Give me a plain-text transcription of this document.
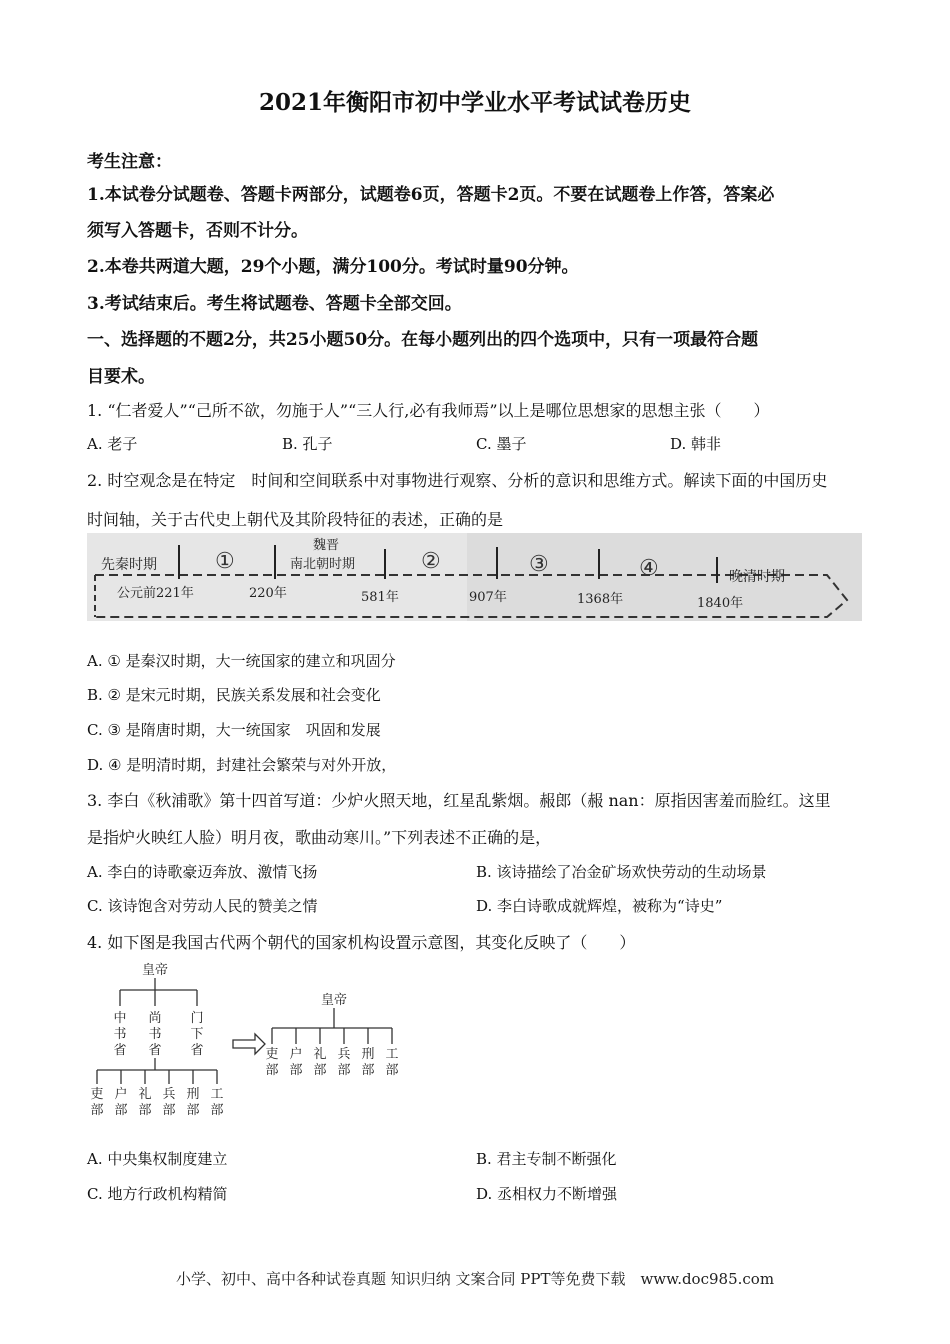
2021年衡阳市初中学业水平考试试卷历史
考生注意：
1.本试卷分试题卷、答题卡两部分，试题卷6页，答题卡2页。不要在试题卷上作答，答案必
须写入答题卡，否则不计分。
2.本卷共两道大题，29个小题，满分100分。考试时量90分钟。
3.考试结束后。考生将试题卷、答题卡全部交回。
一、选择题的不题2分，共25小题50分。在每小题列出的四个选项中，只有一项最符合题
目要术。
1. “仁者爱人”“己所不欲，勿施于人”“三人行,必有我师焉”以上是哪位思想家的思想主张（　　）
A. 老子	B. 孔子	C. 墨子	D. 韩非
2. 时空观念是在特定　时间和空间联系中对事物进行观察、分析的意识和思维方式。解读下面的中国历史
时间轴，关于古代史上朝代及其阶段特征的表述，正确的是
先秦时期
魏晋
南北朝时期
晚清时期
①	②	③	④
公元前221年	220年	581年	907年	1368年	1840年
A. ① 是秦汉时期，大一统国家的建立和巩固分
B. ② 是宋元时期，民族关系发展和社会变化
C. ③ 是隋唐时期，大一统国家　巩固和发展
D. ④ 是明清时期，封建社会繁荣与对外开放，
3. 李白《秋浦歌》第十四首写道：少炉火照天地，红星乱紫烟。赧郎（赧 nan：原指因害羞而脸红。这里
是指炉火映红人脸）明月夜，歌曲动寒川。”下列表述不正确的是，
A. 李白的诗歌豪迈奔放、激情飞扬	B. 该诗描绘了冶金矿场欢快劳动的生动场景
C. 该诗饱含对劳动人民的赞美之情	D. 李白诗歌成就辉煌，被称为“诗史”
4. 如下图是我国古代两个朝代的国家机构设置示意图，其变化反映了（　　）
皇帝
中
书
省
尚
书
省
门
下
省
吏
部
户
部
礼
部
兵
部
刑
部
工
部
皇帝
吏
部
户
部
礼
部
兵
部
刑
部
工
部
A. 中央集权制度建立	B. 君主专制不断强化
C. 地方行政机构精简	D. 丞相权力不断增强
小学、初中、高中各种试卷真题 知识归纳 文案合同 PPT等免费下载　www.doc985.com
